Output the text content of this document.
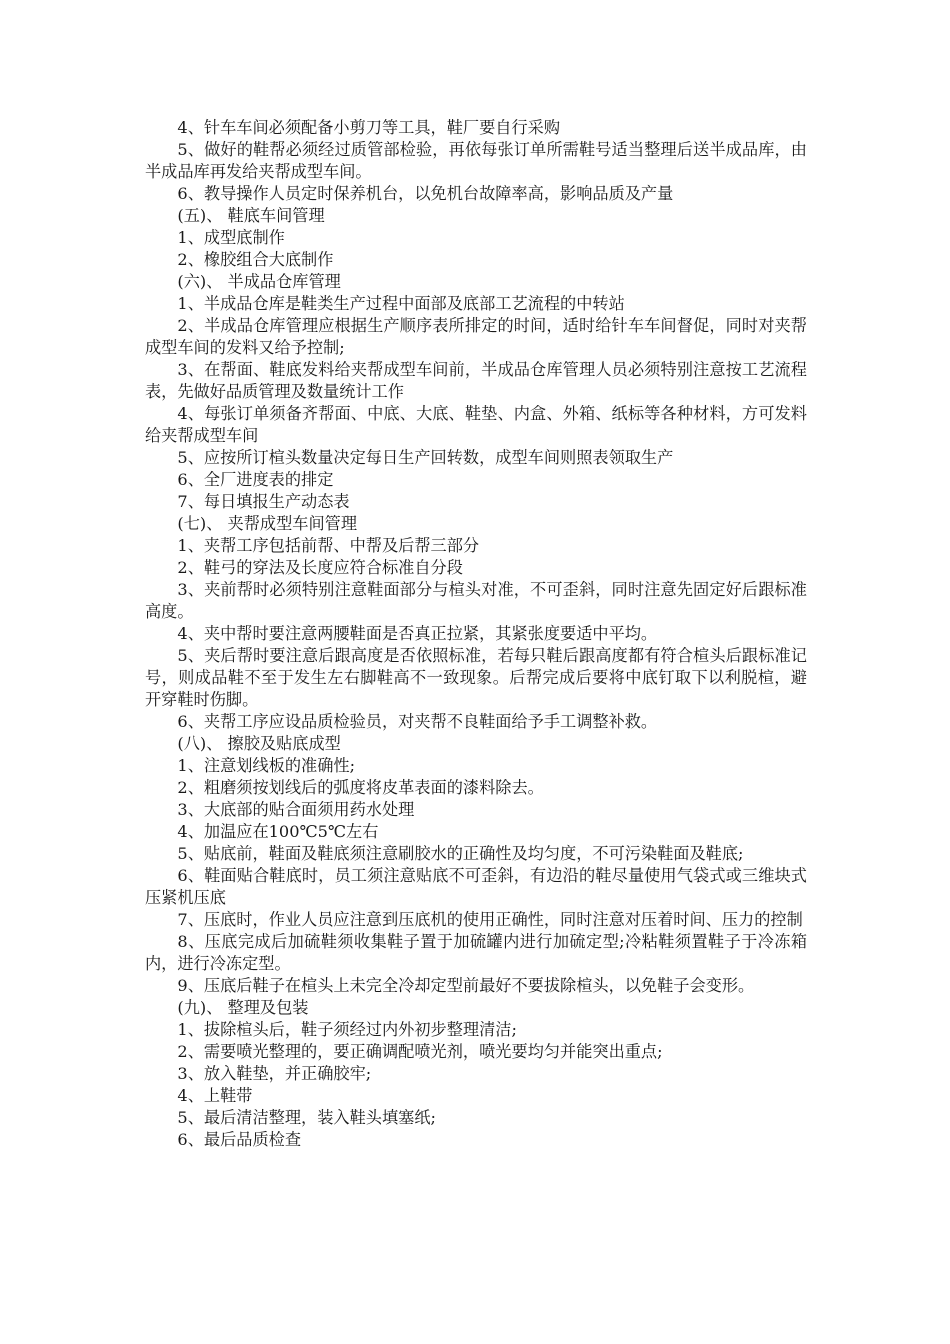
4、针车车间必须配备小剪刀等工具，鞋厂要自行采购

5、做好的鞋帮必须经过质管部检验，再依每张订单所需鞋号适当整理后送半成品库，由半成品库再发给夹帮成型车间。

6、教导操作人员定时保养机台，以免机台故障率高，影响品质及产量

(五)、 鞋底车间管理

1、成型底制作

2、橡胶组合大底制作

(六)、 半成品仓库管理

1、半成品仓库是鞋类生产过程中面部及底部工艺流程的中转站

2、半成品仓库管理应根据生产顺序表所排定的时间，适时给针车车间督促，同时对夹帮成型车间的发料又给予控制;

3、在帮面、鞋底发料给夹帮成型车间前，半成品仓库管理人员必须特别注意按工艺流程表，先做好品质管理及数量统计工作

4、每张订单须备齐帮面、中底、大底、鞋垫、内盒、外箱、纸标等各种材料，方可发料给夹帮成型车间

5、应按所订楦头数量决定每日生产回转数，成型车间则照表领取生产

6、全厂进度表的排定

7、每日填报生产动态表

(七)、 夹帮成型车间管理

1、夹帮工序包括前帮、中帮及后帮三部分

2、鞋弓的穿法及长度应符合标准自分段

3、夹前帮时必须特别注意鞋面部分与楦头对准，不可歪斜，同时注意先固定好后跟标准高度。

4、夹中帮时要注意两腰鞋面是否真正拉紧，其紧张度要适中平均。

5、夹后帮时要注意后跟高度是否依照标准，若每只鞋后跟高度都有符合楦头后跟标准记号，则成品鞋不至于发生左右脚鞋高不一致现象。后帮完成后要将中底钉取下以利脱楦，避开穿鞋时伤脚。

6、夹帮工序应设品质检验员，对夹帮不良鞋面给予手工调整补救。

(八)、 擦胶及贴底成型

1、注意划线板的准确性;

2、粗磨须按划线后的弧度将皮革表面的漆料除去。

3、大底部的贴合面须用药水处理

4、加温应在100℃5℃左右

5、贴底前，鞋面及鞋底须注意刷胶水的正确性及均匀度，不可污染鞋面及鞋底;

6、鞋面贴合鞋底时，员工须注意贴底不可歪斜，有边沿的鞋尽量使用气袋式或三维块式压紧机压底

7、压底时，作业人员应注意到压底机的使用正确性，同时注意对压着时间、压力的控制

8、压底完成后加硫鞋须收集鞋子置于加硫罐内进行加硫定型;冷粘鞋须置鞋子于冷冻箱内，进行冷冻定型。

9、压底后鞋子在楦头上未完全冷却定型前最好不要拔除楦头，以免鞋子会变形。

(九)、 整理及包装

1、拔除楦头后，鞋子须经过内外初步整理清洁;

2、需要喷光整理的，要正确调配喷光剂，喷光要均匀并能突出重点;

3、放入鞋垫，并正确胶牢;

4、上鞋带

5、最后清洁整理，装入鞋头填塞纸;

6、最后品质检查
